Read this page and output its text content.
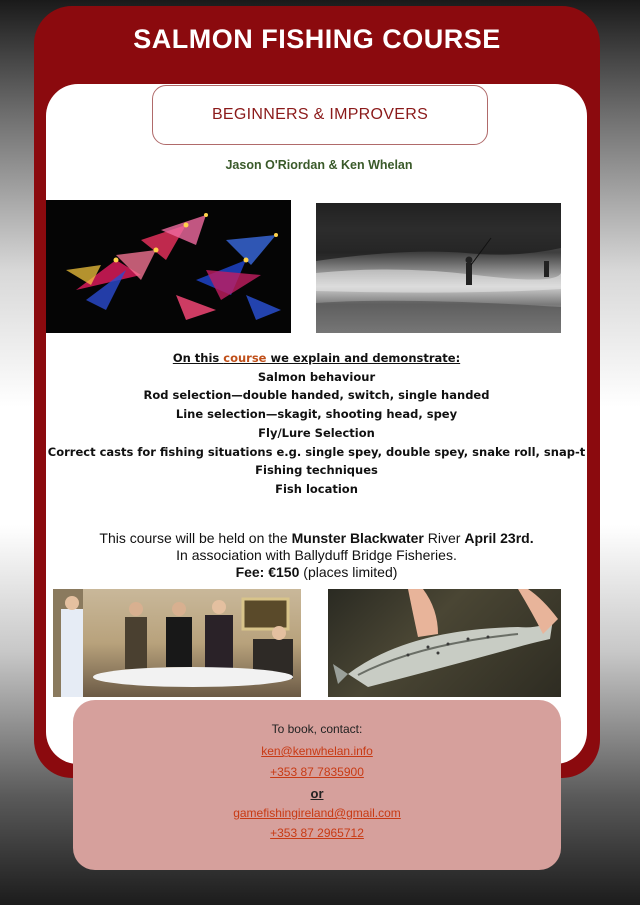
SALMON FISHING COURSE
BEGINNERS & IMPROVERS
Jason O'Riordan & Ken Whelan
On this course we explain and demonstrate:
Salmon behaviour
Rod selection—double handed, switch, single handed
Line selection—skagit, shooting head, spey
Fly/Lure Selection
Correct casts for fishing situations e.g. single spey, double spey, snake roll, snap-t
Fishing techniques
Fish location
This course will be held on the Munster Blackwater River April 23rd.
In association with Ballyduff Bridge Fisheries.
Fee: €150 (places limited)
To book, contact:
ken@kenwhelan.info
+353 87 7835900
or
gamefishingireland@gmail.com
+353 87 2965712
